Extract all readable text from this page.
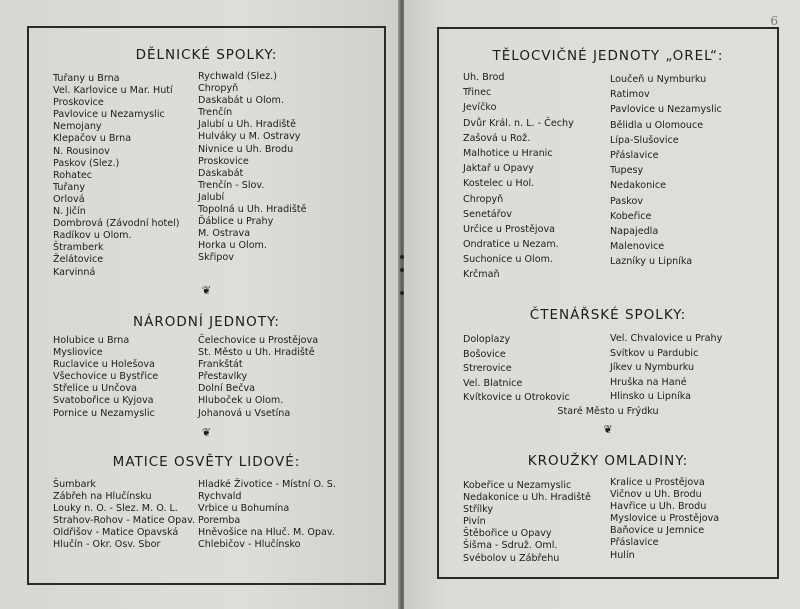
DĚLNICKÉ SPOLKY:
Tuřany u Brna
Vel. Karlovice u Mar. Hutí
Proskovice
Pavlovice u Nezamyslic
Nemojany
Klepačov u Brna
N. Rousinov
Paskov (Slez.)
Rohatec
Tuřany
Orlová
N. Jičín
Dombrová (Závodní hotel)
Radíkov u Olom.
Štramberk
Želátovice
Karvinná
Rychwald (Slez.)
Chropyň
Daskabát u Olom.
Trenčín
Jalubí u Uh. Hradiště
Hulváky u M. Ostravy
Nivnice u Uh. Brodu
Proskovice
Daskabát
Trenčín - Slov.
Jalubí
Topolná u Uh. Hradiště
Ďáblice u Prahy
M. Ostrava
Horka u Olom.
Skřipov
❦
NÁRODNÍ JEDNOTY:
Holubice u Brna
Mysliovice
Ruclavice u Holešova
Všechovice u Bystřice
Střelice u Unčova
Svatobořice u Kyjova
Pornice u Nezamyslic
Čelechovice u Prostějova
St. Město u Uh. Hradiště
Frankštát
Přestavlky
Dolní Bečva
Hluboček u Olom.
Johanová u Vsetína
❦
MATICE OSVĚTY LIDOVÉ:
Šumbark
Zábřeh na Hlučínsku
Louky n. O. - Slez. M. O. L.
Strahov-Rohov - Matice Opav.
Oldřišov - Matice Opavská
Hlučín - Okr. Osv. Sbor
Hladké Životice - Místní O. S.
Rychvald
Vrbice u Bohumína
Poremba
Hněvošice na Hluč. M. Opav.
Chlebičov - Hlučínsko
6
TĚLOCVIČNÉ JEDNOTY „OREL“:
Uh. Brod
Třinec
Jevíčko
Dvůr Král. n. L. - Čechy
Zašová u Rož.
Malhotice u Hranic
Jaktař u Opavy
Kostelec u Hol.
Chropyň
Senetářov
Určice u Prostějova
Ondratice u Nezam.
Suchonice u Olom.
Krčmaň
Loučeň u Nymburku
Ratimov
Pavlovice u Nezamyslic
Bělidla u Olomouce
Lípa-Slušovice
Přáslavice
Tupesy
Nedakonice
Paskov
Kobeřice
Napajedla
Malenovice
Lazníky u Lipníka
ČTENÁŘSKÉ SPOLKY:
Doloplazy
Bošovice
Strerovice
Vel. Blatnice
Kvítkovice u Otrokovic
Vel. Chvalovice u Prahy
Svítkov u Pardubic
Jíkev u Nymburku
Hruška na Hané
Hlinsko u Lipníka
Staré Město u Frýdku
❦
KROUŽKY OMLADINY:
Kobeřice u Nezamyslic
Nedakonice u Uh. Hradiště
Střílky
Pivín
Štěbořice u Opavy
Šišma - Sdruž. Oml.
Svébolov u Zábřehu
Kralice u Prostějova
Vičnov u Uh. Brodu
Havřice u Uh. Brodu
Myslovice u Prostějova
Baňovice u Jemnice
Přáslavice
Hulín
